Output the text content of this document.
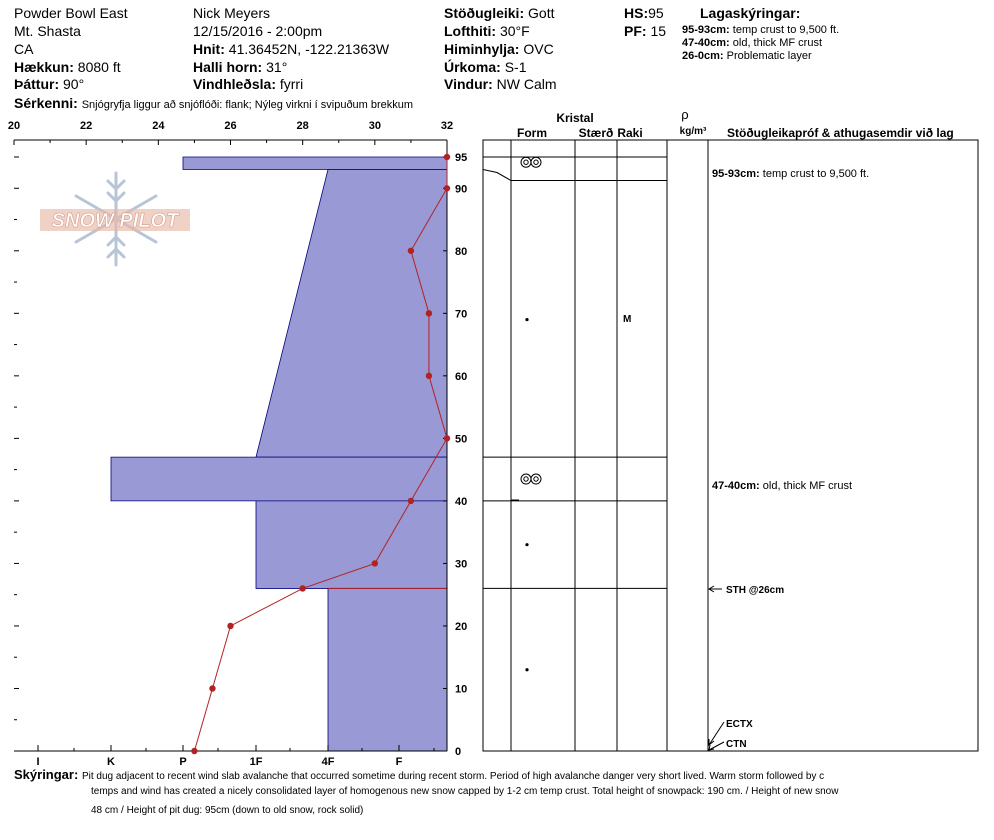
Powder Bowl East
Mt. Shasta
CA
Hækkun: 8080 ft
Þáttur: 90°
Nick Meyers
12/15/2016 - 2:00pm
Hnit: 41.36452N, -122.21363W
Halli horn: 31°
Vindhleðsla: fyrri
Stöðugleiki: Gott
Lofthiti: 30°F
Himinhylja: OVC
Úrkoma: S-1
Vindur: NW Calm
HS:95
PF: 15
Lagaskýringar:
95-93cm: temp crust to 9,500 ft.
47-40cm: old, thick MF crust
26-0cm: Problematic layer
Sérkenni: Snjógryfja liggur að snjóflóði: flank; Nýleg virkni í svipuðum brekkum
SNOW PILOT
20	22	24	26	28	30	32
0
10
20
30
40
50
60
70
80
90
95
I	K	P	1F	4F	F
Kristal
Form	Stærð Raki
ρ
kg/m³ Stöðugleikapróf & athugasemdir við lag
M
95-93cm: temp crust to 9,500 ft.
47-40cm: old, thick MF crust
STH @26cm
ECTX
CTN
Skýringar: Pit dug adjacent to recent wind slab avalanche that occurred sometime during recent storm. Period of high avalanche danger very short lived. Warm storm followed by c
temps and wind has created a nicely consolidated layer of homogenous new snow capped by 1-2 cm temp crust. Total height of snowpack: 190 cm. / Height of new snow
48 cm / Height of pit dug: 95cm (down to old snow, rock solid)
